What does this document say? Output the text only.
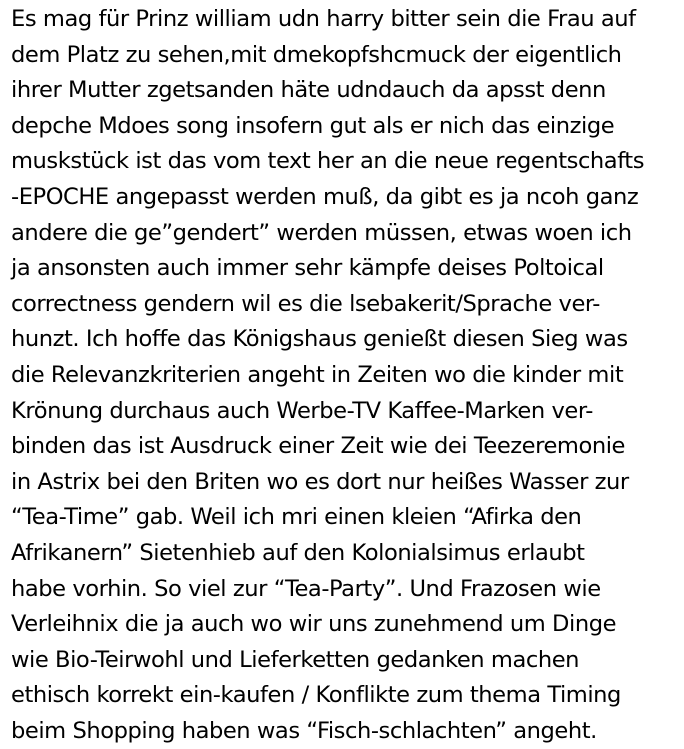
Es mag für Prinz william udn harry bitter sein die Frau auf
dem Platz zu sehen,mit dmekopfshcmuck der eigentlich
ihrer Mutter zgetsanden häte udndauch da apsst denn
depche Mdoes song insofern gut als er nich das einzige
muskstück ist das vom text her an die neue regentschafts
-EPOCHE angepasst werden muß, da gibt es ja ncoh ganz
andere die ge”gendert” werden müssen, etwas woen ich
ja ansonsten auch immer sehr kämpfe deises Poltoical
correctness gendern wil es die lsebakerit/Sprache ver-
hunzt. Ich hoffe das Königshaus genießt diesen Sieg was
die Relevanzkriterien angeht in Zeiten wo die kinder mit
Krönung durchaus auch Werbe-TV Kaffee-Marken ver-
binden das ist Ausdruck einer Zeit wie dei Teezeremonie
in Astrix bei den Briten wo es dort nur heißes Wasser zur
“Tea-Time” gab. Weil ich mri einen kleien “Afirka den
Afrikanern” Sietenhieb auf den Kolonialsimus erlaubt
habe vorhin. So viel zur “Tea-Party”. Und Frazosen wie
Verleihnix die ja auch wo wir uns zunehmend um Dinge
wie Bio-Teirwohl und Lieferketten gedanken machen
ethisch korrekt ein-kaufen / Konflikte zum thema Timing
beim Shopping haben was “Fisch-schlachten” angeht.
